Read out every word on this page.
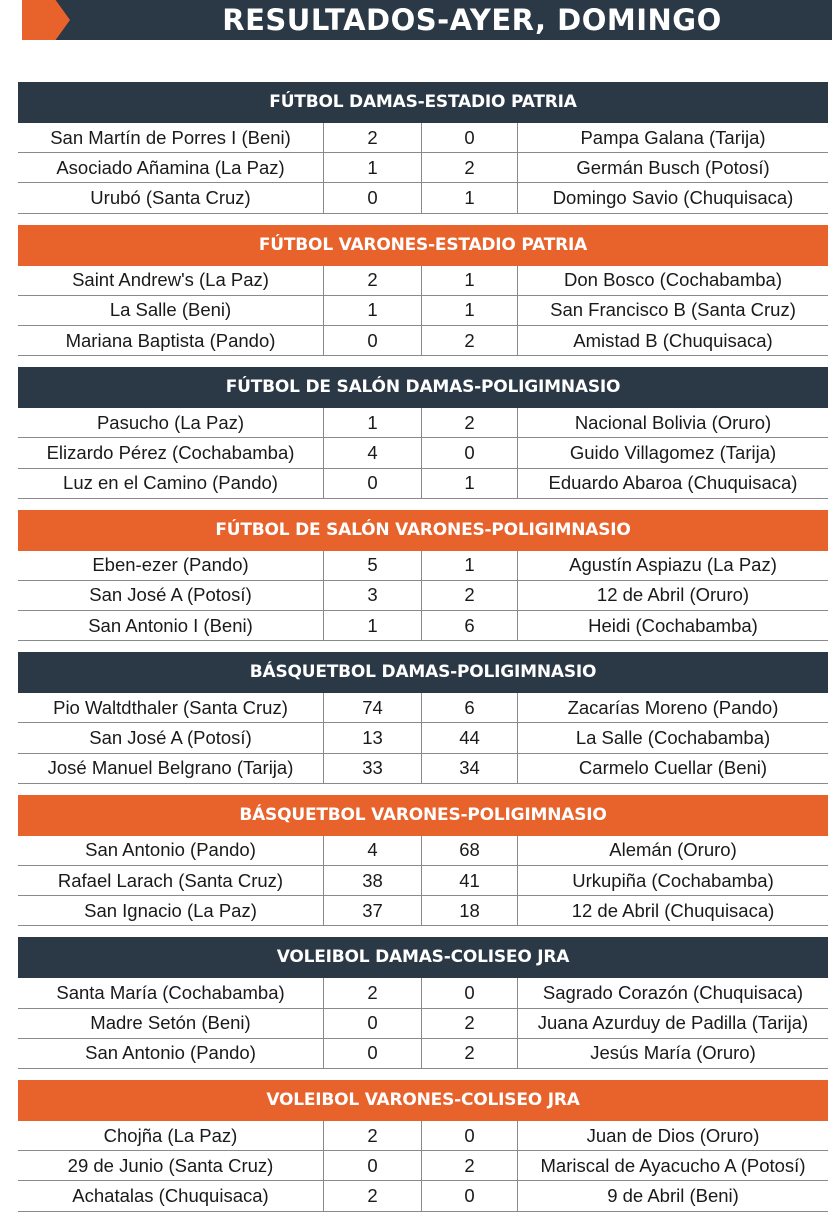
RESULTADOS-AYER, DOMINGO
FÚTBOL DAMAS-ESTADIO PATRIA
San Martín de Porres I (Beni)	2	0	Pampa Galana (Tarija)
Asociado Añamina (La Paz)	1	2	Germán Busch (Potosí)
Urubó (Santa Cruz)	0	1	Domingo Savio (Chuquisaca)
FÚTBOL VARONES-ESTADIO PATRIA
Saint Andrew's (La Paz)	2	1	Don Bosco (Cochabamba)
La Salle (Beni)	1	1	San Francisco B (Santa Cruz)
Mariana Baptista (Pando)	0	2	Amistad B (Chuquisaca)
FÚTBOL DE SALÓN DAMAS-POLIGIMNASIO
Pasucho (La Paz)	1	2	Nacional Bolivia (Oruro)
Elizardo Pérez (Cochabamba)	4	0	Guido Villagomez (Tarija)
Luz en el Camino (Pando)	0	1	Eduardo Abaroa (Chuquisaca)
FÚTBOL DE SALÓN VARONES-POLIGIMNASIO
Eben-ezer (Pando)	5	1	Agustín Aspiazu (La Paz)
San José A (Potosí)	3	2	12 de Abril (Oruro)
San Antonio I (Beni)	1	6	Heidi (Cochabamba)
BÁSQUETBOL DAMAS-POLIGIMNASIO
Pio Waltdthaler (Santa Cruz)	74	6	Zacarías Moreno (Pando)
San José A (Potosí)	13	44	La Salle (Cochabamba)
José Manuel Belgrano (Tarija)	33	34	Carmelo Cuellar (Beni)
BÁSQUETBOL VARONES-POLIGIMNASIO
San Antonio (Pando)	4	68	Alemán (Oruro)
Rafael Larach (Santa Cruz)	38	41	Urkupiña (Cochabamba)
San Ignacio (La Paz)	37	18	12 de Abril (Chuquisaca)
VOLEIBOL DAMAS-COLISEO JRA
Santa María (Cochabamba)	2	0	Sagrado Corazón (Chuquisaca)
Madre Setón (Beni)	0	2	Juana Azurduy de Padilla (Tarija)
San Antonio (Pando)	0	2	Jesús María (Oruro)
VOLEIBOL VARONES-COLISEO JRA
Chojña (La Paz)	2	0	Juan de Dios (Oruro)
29 de Junio (Santa Cruz)	0	2	Mariscal de Ayacucho A (Potosí)
Achatalas (Chuquisaca)	2	0	9 de Abril (Beni)
